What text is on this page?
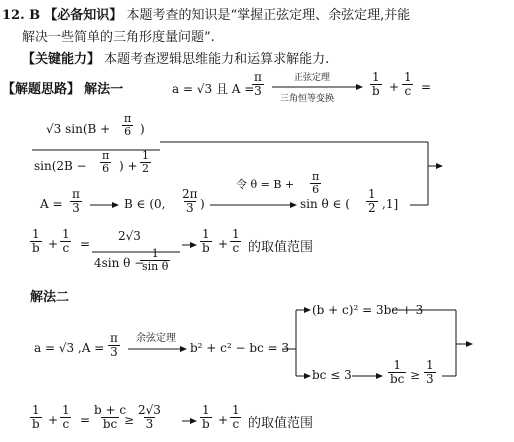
12. B 【必备知识】 本题考查的知识是“掌握正弦定理、余弦定理,并能
解决一些简单的三角形度量问题”.
【关键能力】 本题考查逻辑思维能力和运算求解能力.
【解题思路】 解法一	a = √3 且 A =
$\frac{\pi}{3}$	正弦定理
三角恒等变换
$\frac{1}{b} + \frac{1}{c}$ =
√3 $\sin(B + \frac{\pi}{6}$ )
$\sin(2B - \frac{\pi}{6}$ ) + $\frac{1}{2}$
$A = \frac{\pi}{3}$	B ∈ (0, $\frac{2\pi}{3}$ )
令 $\theta = B + \frac{\pi}{6}$
sin θ ∈ ( $\frac{1}{2} ,1$]
$\frac{1}{b} + \frac{1}{c}$ =
2√3
4sin θ −
$\frac{1}{\text{sin θ}}$
$\frac{1}{b} + \frac{1}{c}$ 的取值范围
解法二
(b + c)² = 3bc + 3
a = √3 $,A = \frac{\pi}{3}$ 余弦定理
b² + c² − bc = 3
bc ≤ 3	$\frac{1}{bc} \ge \frac{1}{3}$
$\frac{1}{b} + \frac{1}{c} = \frac{b + c}{bc}$
≥ $\frac{2√3}{3}$	$\frac{1}{b} + \frac{1}{c}$ 的取值范围
